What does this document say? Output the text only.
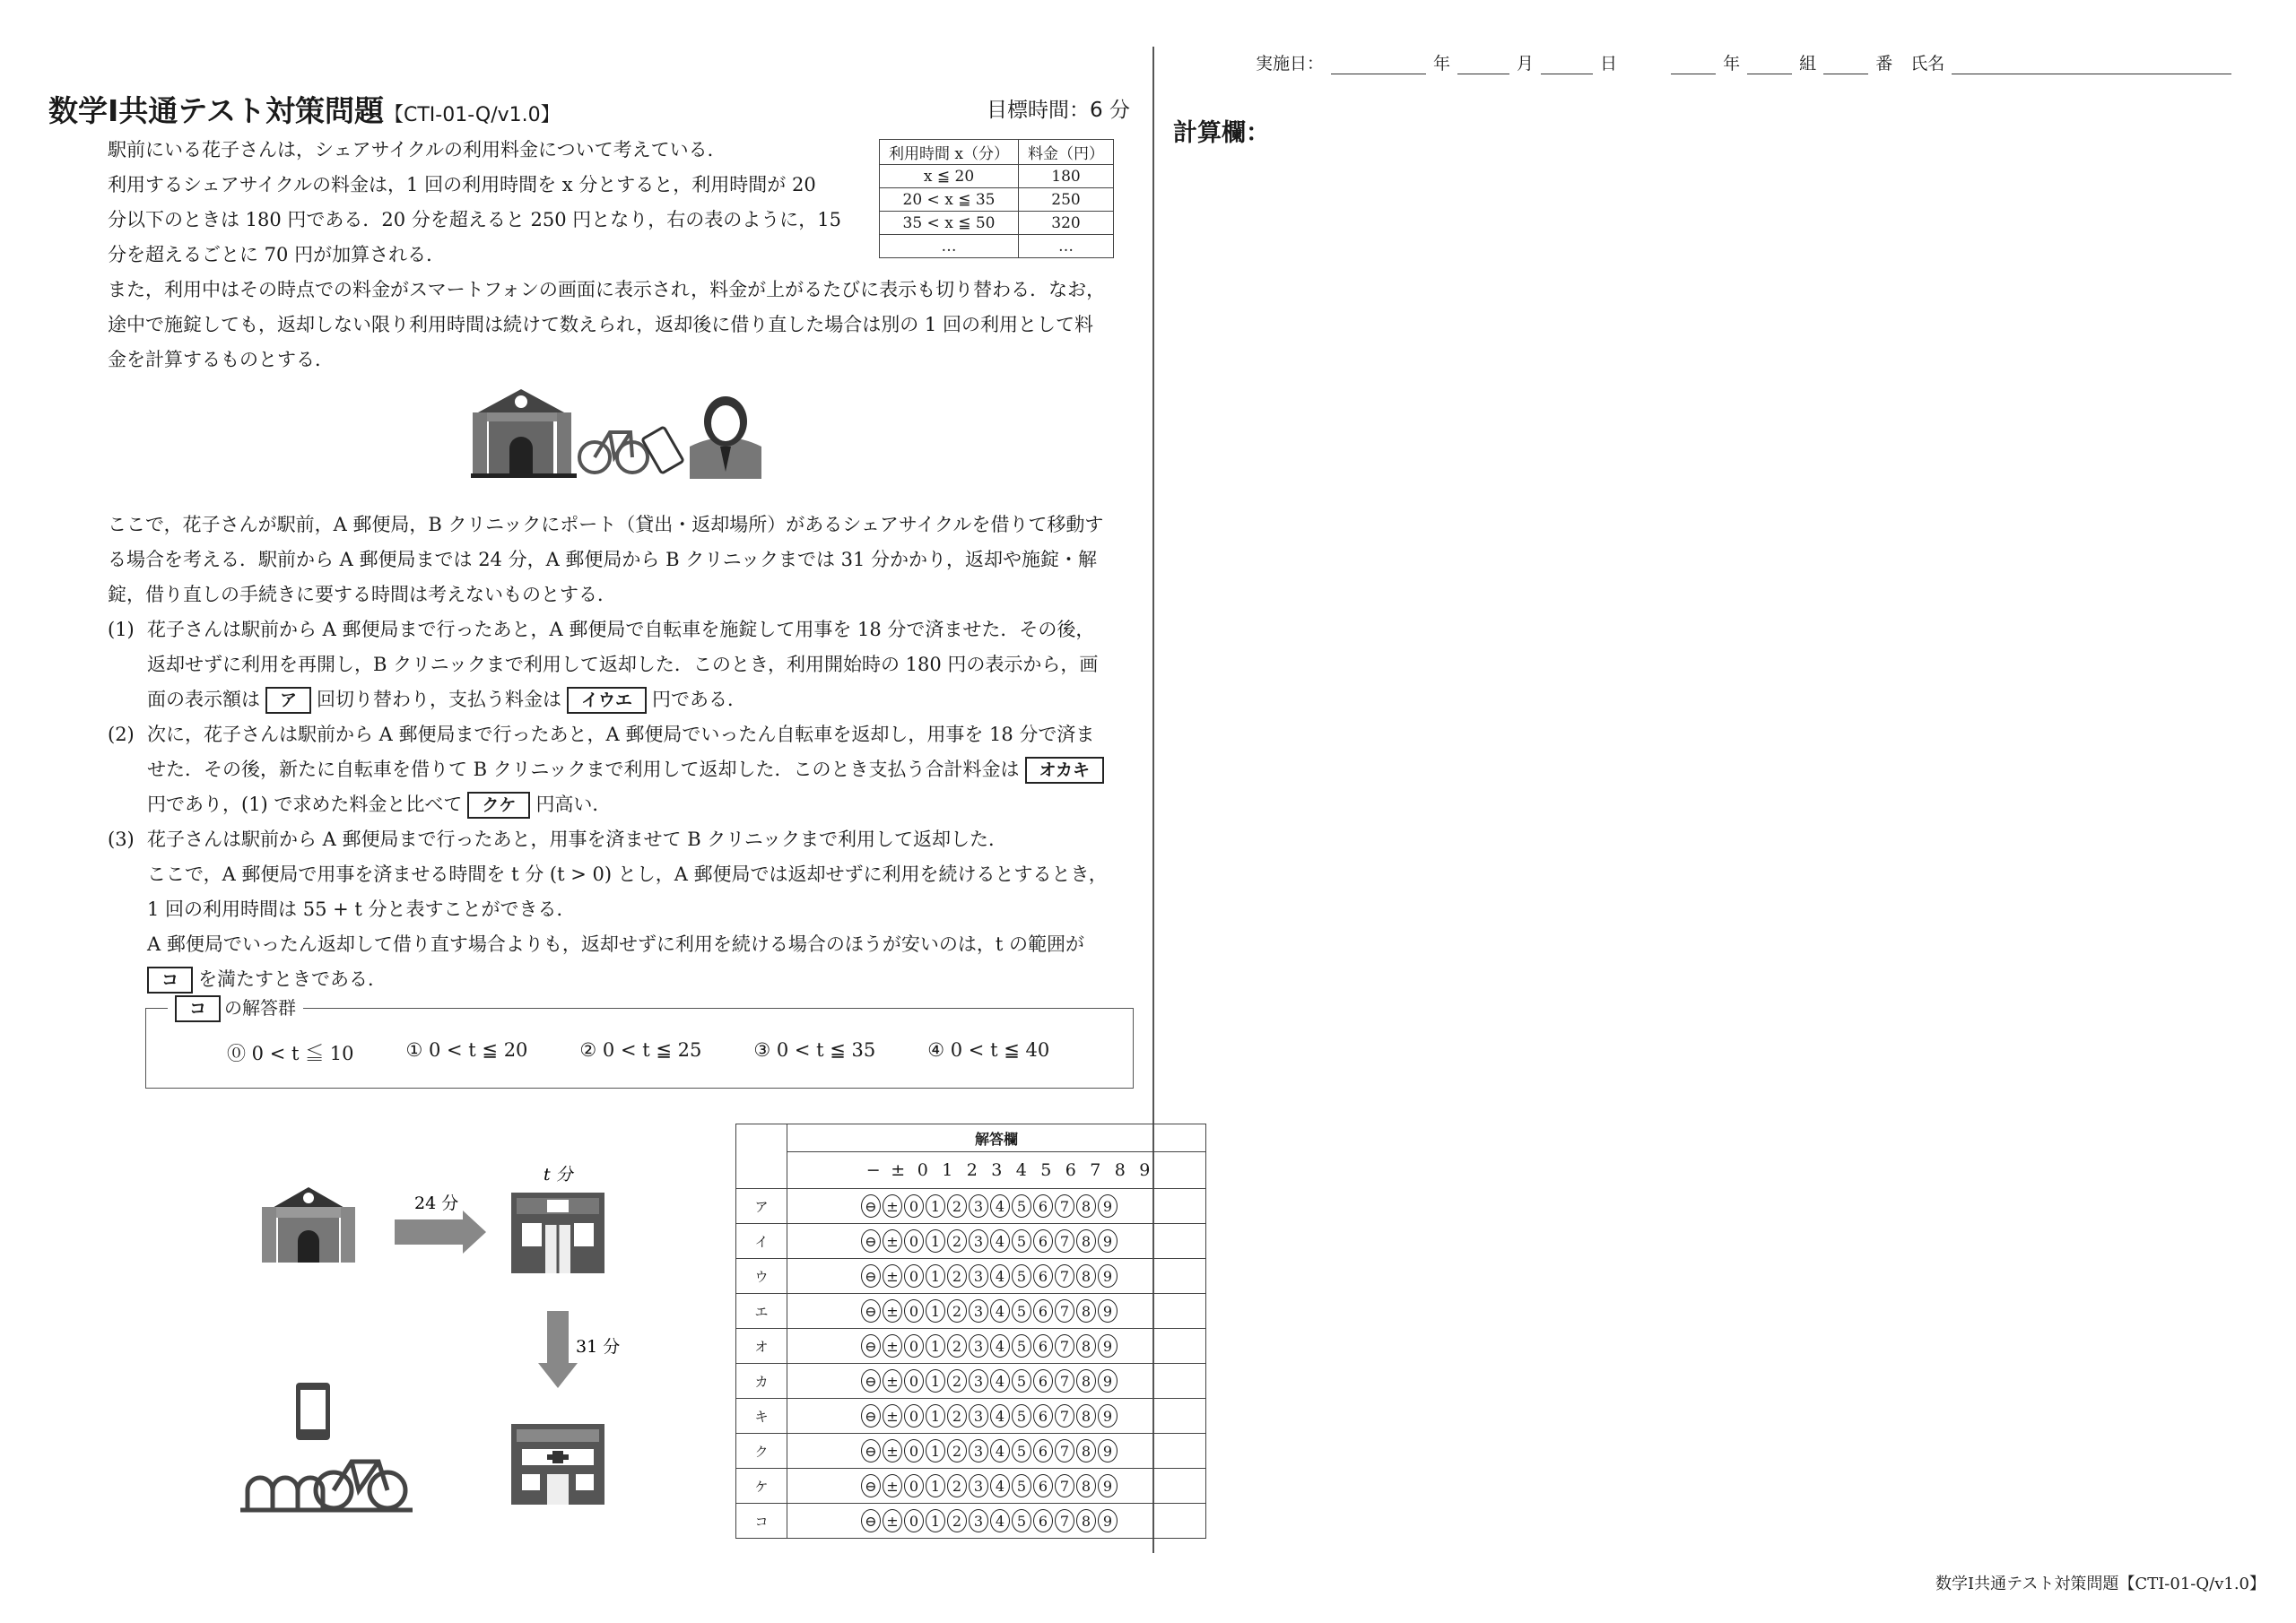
実施日：	年	月	日	年	組	番 氏名
計算欄：
数学Ⅰ共通テスト対策問題【CTI-01-Q/v1.0】	目標時間：6 分

駅前にいる花子さんは，シェアサイクルの利用料金について考えている．

利用するシェアサイクルの料金は，1 回の利用時間を x 分とすると，利用時間が 20

分以下のときは 180 円である．20 分を超えると 250 円となり，右の表のように，15

分を超えるごとに 70 円が加算される．

また，利用中はその時点での料金がスマートフォンの画面に表示され，料金が上がるたびに表示も切り替わる．なお，

途中で施錠しても，返却しない限り利用時間は続けて数えられ，返却後に借り直した場合は別の 1 回の利用として料

金を計算するものとする．

利用時間 x（分）	料金（円）
x ≦ 20	180
20 < x ≦ 35	250
35 < x ≦ 50	320
…	…

ここで，花子さんが駅前，A 郵便局，B クリニックにポート（貸出・返却場所）があるシェアサイクルを借りて移動す

る場合を考える．駅前から A 郵便局までは 24 分，A 郵便局から B クリニックまでは 31 分かかり，返却や施錠・解

錠，借り直しの手続きに要する時間は考えないものとする．

(1) 花子さんは駅前から A 郵便局まで行ったあと，A 郵便局で自転車を施錠して用事を 18 分で済ませた．その後，

返却せずに利用を再開し，B クリニックまで利用して返却した．このとき，利用開始時の 180 円の表示から，画

面の表示額は ア 回切り替わり，支払う料金は イウエ 円である．

(2) 次に，花子さんは駅前から A 郵便局まで行ったあと，A 郵便局でいったん自転車を返却し，用事を 18 分で済ま

せた．その後，新たに自転車を借りて B クリニックまで利用して返却した．このとき支払う合計料金は オカキ

円であり，(1) で求めた料金と比べて クケ 円高い．

(3) 花子さんは駅前から A 郵便局まで行ったあと，用事を済ませて B クリニックまで利用して返却した．

ここで，A 郵便局で用事を済ませる時間を t 分 (t > 0) とし，A 郵便局では返却せずに利用を続けるとするとき，

1 回の利用時間は 55 + t 分と表すことができる．

A 郵便局でいったん返却して借り直す場合よりも，返却せずに利用を続ける場合のほうが安いのは，t の範囲が

コ を満たすときである．

コ の解答群
⓪ 0 < t ≦ 10	① 0 < t ≦ 20	② 0 < t ≦ 25	③ 0 < t ≦ 35	④ 0 < t ≦ 40
24 分
t 分
31 分
	解答欄
	− ± 0 1 2 3 4 5 6 7 8 9
ア	⊖ ± 0 1 2 3 4 5 6 7 8 9
イ	⊖ ± 0 1 2 3 4 5 6 7 8 9
ウ	⊖ ± 0 1 2 3 4 5 6 7 8 9
エ	⊖ ± 0 1 2 3 4 5 6 7 8 9
オ	⊖ ± 0 1 2 3 4 5 6 7 8 9
カ	⊖ ± 0 1 2 3 4 5 6 7 8 9
キ	⊖ ± 0 1 2 3 4 5 6 7 8 9
ク	⊖ ± 0 1 2 3 4 5 6 7 8 9
ケ	⊖ ± 0 1 2 3 4 5 6 7 8 9
コ	⊖ ± 0 1 2 3 4 5 6 7 8 9
数学Ⅰ共通テスト対策問題【CTI-01-Q/v1.0】
